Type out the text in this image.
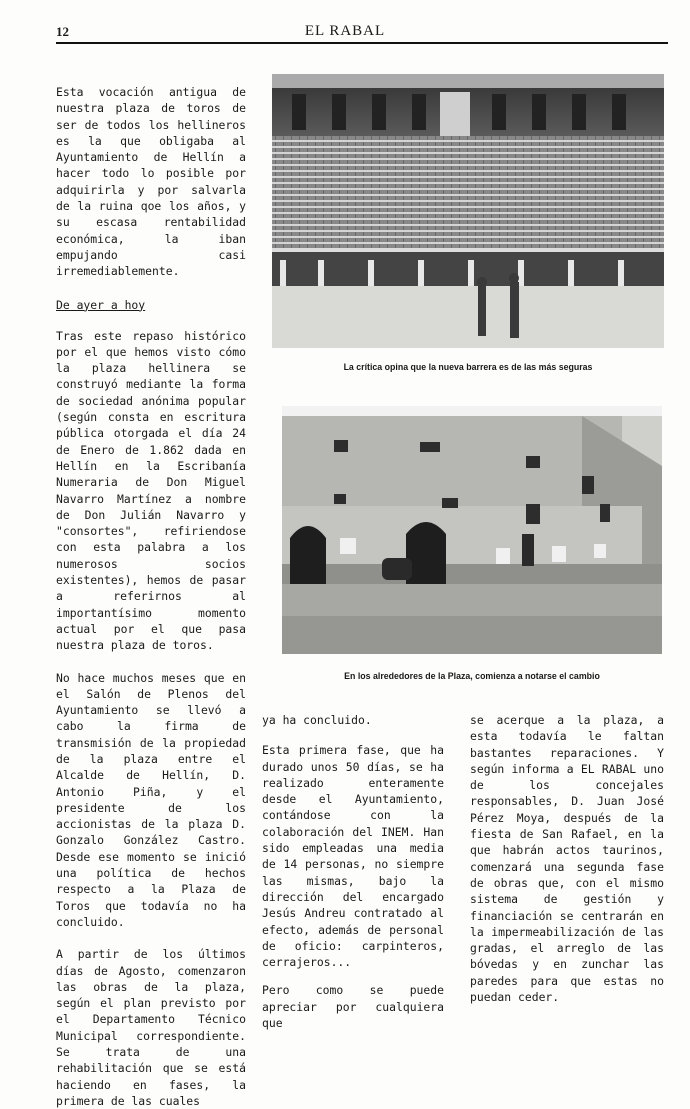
12	EL RABAL

Esta vocación antigua de nuestra plaza de toros de ser de todos los hellineros es la que obligaba al Ayuntamiento de Hellín a hacer todo lo posible por adquirirla y por salvarla de la ruina qoe los años, y su escasa rentabilidad económica, la iban empujando casi irremediablemente.

De ayer a hoy

Tras este repaso histórico por el que hemos visto cómo la plaza hellinera se construyó mediante la forma de sociedad anónima popular (según consta en escritura pública otorgada el día 24 de Enero de 1.862 dada en Hellín en la Escribanía Numeraria de Don Miguel Navarro Martínez a nombre de Don Julián Navarro y "consortes", refiriendose con esta palabra a los numerosos socios existentes), hemos de pasar a referirnos al importantísimo momento actual por el que pasa nuestra plaza de toros.

No hace muchos meses que en el Salón de Plenos del Ayuntamiento se llevó a cabo la firma de transmisión de la propiedad de la plaza entre el Alcalde de Hellín, D. Antonio Piña, y el presidente de los accionistas de la plaza D. Gonzalo González Castro. Desde ese momento se inició una política de hechos respecto a la Plaza de Toros que todavía no ha concluido.

A partir de los últimos días de Agosto, comenzaron las obras de la plaza, según el plan previsto por el Departamento Técnico Municipal correspondiente. Se trata de una rehabilitación que se está haciendo en fases, la primera de las cuales

La crítica opina que la nueva barrera es de las más seguras
En los alrededores de la Plaza, comienza a notarse el cambio

ya ha concluido.

Esta primera fase, que ha durado unos 50 días, se ha realizado enteramente desde el Ayuntamiento, contándose con la colaboración del INEM. Han sido empleadas una media de 14 personas, no siempre las mismas, bajo la dirección del encargado Jesús Andreu contratado al efecto, además de personal de oficio: carpinteros, cerrajeros...

Pero como se puede apreciar por cualquiera que

se acerque a la plaza, a esta todavía le faltan bastantes reparaciones. Y según informa a EL RABAL uno de los concejales responsables, D. Juan José Pérez Moya, después de la fiesta de San Rafael, en la que habrán actos taurinos, comenzará una segunda fase de obras que, con el mismo sistema de gestión y financiación se centrarán en la impermeabilización de las gradas, el arreglo de las bóvedas y en zunchar las paredes para que estas no puedan ceder.
